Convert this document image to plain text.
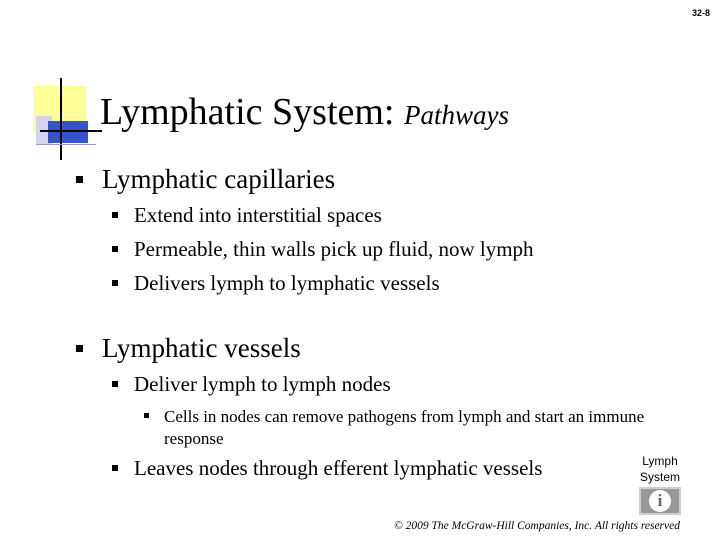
32-8
Lymphatic System: Pathways
Lymphatic capillaries
Extend into interstitial spaces
Permeable, thin walls pick up fluid, now lymph
Delivers lymph to lymphatic vessels
Lymphatic vessels
Deliver lymph to lymph nodes
Cells in nodes can remove pathogens from lymph and start an immune response
Leaves nodes through efferent lymphatic vessels	Lymph
System
i
© 2009 The McGraw-Hill Companies, Inc. All rights reserved
